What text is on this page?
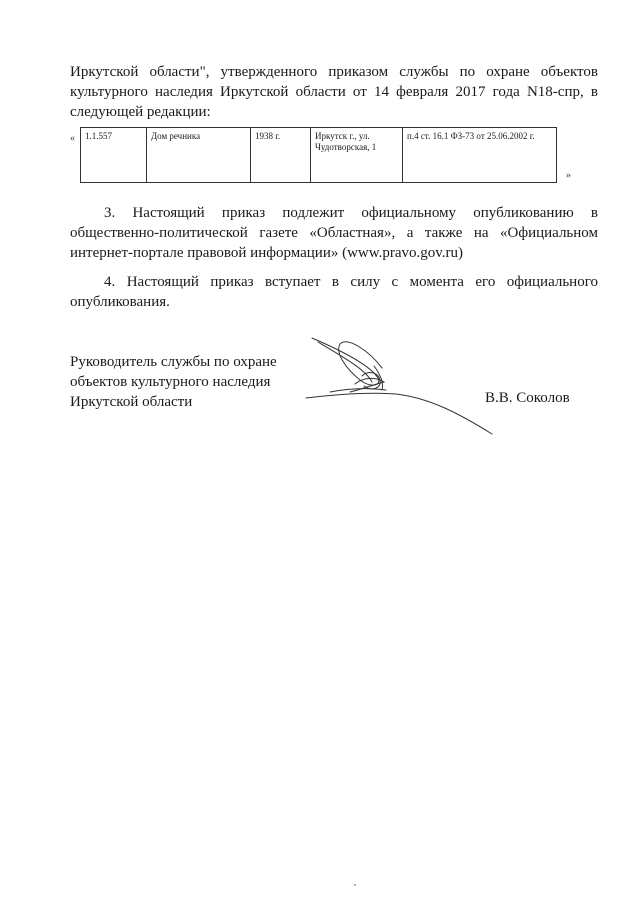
Иркутской области", утвержденного приказом службы по охране объектов
культурного наследия Иркутской области от 14 февраля 2017 года N18-спр, в
следующей редакции:
« 1.1.557	Дом речника	1938 г.	Иркутск г., ул. Чудотворская, 1	п.4 ст. 16.1 ФЗ-73 от 25.06.2002 г.
»
3. Настоящий приказ подлежит официальному опубликованию в
общественно-политической газете «Областная», а также на «Официальном
интернет-портале правовой информации» (www.pravo.gov.ru)
4. Настоящий приказ вступает в силу с момента его официального
опубликования.
Руководитель службы по охране
объектов культурного наследия
Иркутской области	В.В. Соколов
